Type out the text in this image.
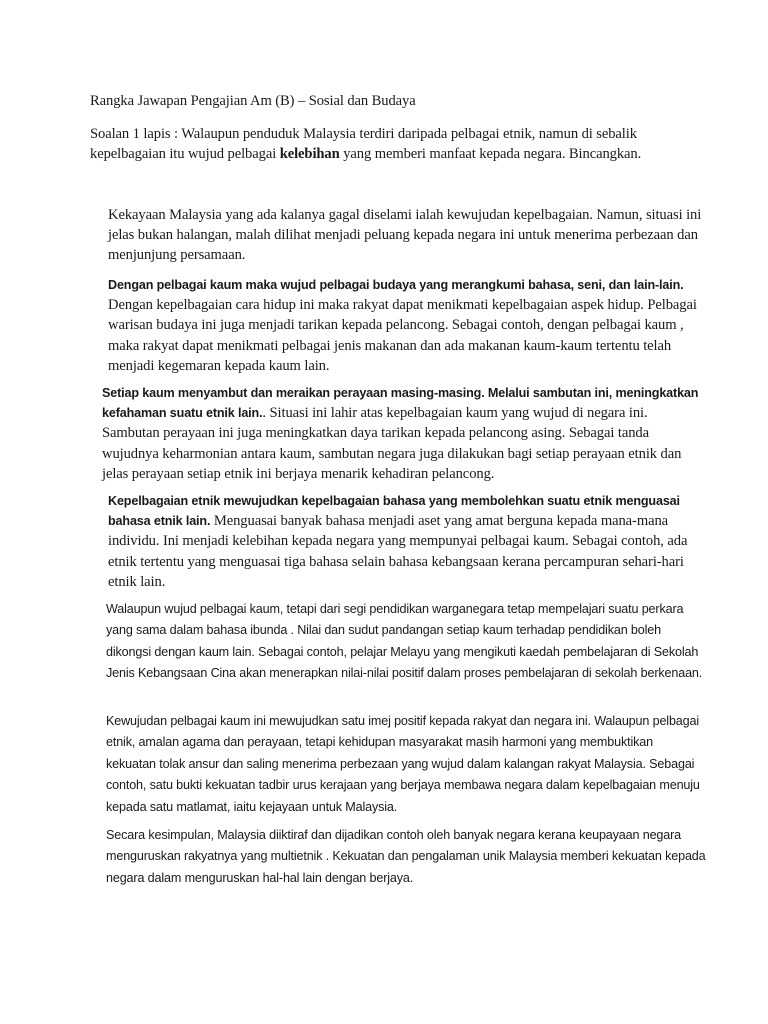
Rangka Jawapan Pengajian Am (B) – Sosial dan Budaya

Soalan 1 lapis : Walaupun penduduk Malaysia terdiri daripada pelbagai etnik, namun di sebalik kepelbagaian itu wujud pelbagai kelebihan yang memberi manfaat kepada negara. Bincangkan.

Kekayaan Malaysia yang ada kalanya gagal diselami ialah kewujudan kepelbagaian. Namun, situasi ini jelas bukan halangan, malah dilihat menjadi peluang kepada negara ini untuk menerima perbezaan dan menjunjung persamaan.

Dengan pelbagai kaum maka wujud pelbagai budaya yang merangkumi bahasa, seni, dan lain-lain. Dengan kepelbagaian cara hidup ini maka rakyat dapat menikmati kepelbagaian aspek hidup. Pelbagai warisan budaya ini juga menjadi tarikan kepada pelancong. Sebagai contoh, dengan pelbagai kaum , maka rakyat dapat menikmati pelbagai jenis makanan dan ada makanan kaum-kaum tertentu telah menjadi kegemaran kepada kaum lain.

Setiap kaum menyambut dan meraikan perayaan masing-masing. Melalui sambutan ini, meningkatkan kefahaman suatu etnik lain.. Situasi ini lahir atas kepelbagaian kaum yang wujud di negara ini. Sambutan perayaan ini juga meningkatkan daya tarikan kepada pelancong asing. Sebagai tanda wujudnya keharmonian antara kaum, sambutan negara juga dilakukan bagi setiap perayaan etnik dan jelas perayaan setiap etnik ini berjaya menarik kehadiran pelancong.

Kepelbagaian etnik mewujudkan kepelbagaian bahasa yang membolehkan suatu etnik menguasai bahasa etnik lain. Menguasai banyak bahasa menjadi aset yang amat berguna kepada mana-mana individu. Ini menjadi kelebihan kepada negara yang mempunyai pelbagai kaum. Sebagai contoh, ada etnik tertentu yang menguasai tiga bahasa selain bahasa kebangsaan kerana percampuran sehari-hari etnik lain.

Walaupun wujud pelbagai kaum, tetapi dari segi pendidikan warganegara tetap mempelajari suatu perkara yang sama dalam bahasa ibunda . Nilai dan sudut pandangan setiap kaum terhadap pendidikan boleh dikongsi dengan kaum lain. Sebagai contoh, pelajar Melayu yang mengikuti kaedah pembelajaran di Sekolah Jenis Kebangsaan Cina akan menerapkan nilai-nilai positif dalam proses pembelajaran di sekolah berkenaan.

Kewujudan pelbagai kaum ini mewujudkan satu imej positif kepada rakyat dan negara ini. Walaupun pelbagai etnik, amalan agama dan perayaan, tetapi kehidupan masyarakat masih harmoni yang membuktikan kekuatan tolak ansur dan saling menerima perbezaan yang wujud dalam kalangan rakyat Malaysia. Sebagai contoh, satu bukti kekuatan tadbir urus kerajaan yang berjaya membawa negara dalam kepelbagaian menuju kepada satu matlamat, iaitu kejayaan untuk Malaysia.

Secara kesimpulan, Malaysia diiktiraf dan dijadikan contoh oleh banyak negara kerana keupayaan negara menguruskan rakyatnya yang multietnik . Kekuatan dan pengalaman unik Malaysia memberi kekuatan kepada negara dalam menguruskan hal-hal lain dengan berjaya.
